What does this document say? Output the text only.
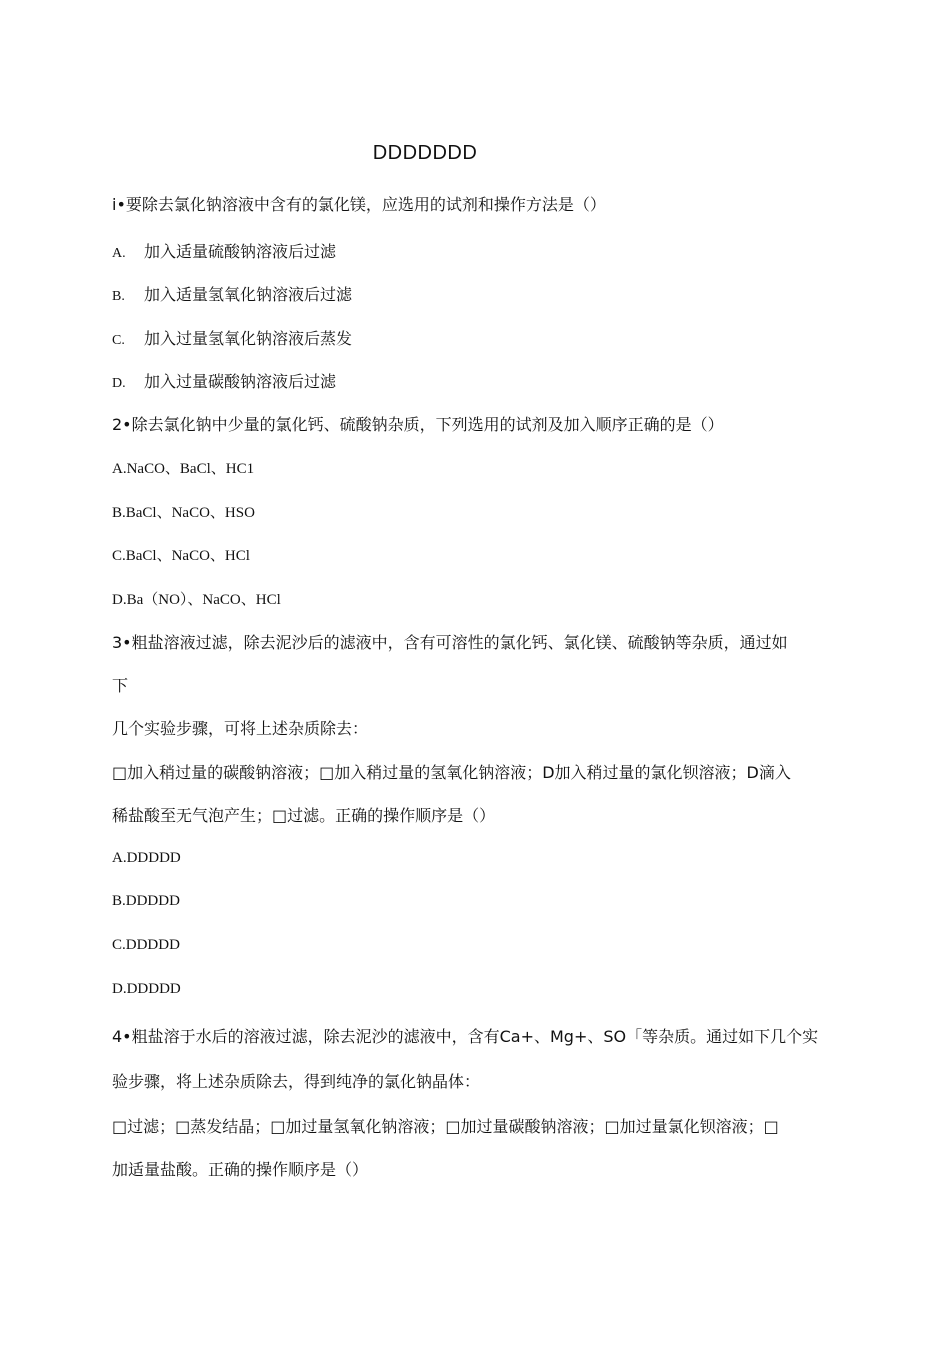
DDDDDDD
i•要除去氯化钠溶液中含有的氯化镁，应选用的试剂和操作方法是（）
A. 加入适量硫酸钠溶液后过滤
B. 加入适量氢氧化钠溶液后过滤
C. 加入过量氢氧化钠溶液后蒸发
D. 加入过量碳酸钠溶液后过滤
2•除去氯化钠中少量的氯化钙、硫酸钠杂质，下列选用的试剂及加入顺序正确的是（）
A.NaCO、BaCl、HC1
B.BaCl、NaCO、HSO
C.BaCl、NaCO、HCl
D.Ba（NO）、NaCO、HCl
3•粗盐溶液过滤，除去泥沙后的滤液中，含有可溶性的氯化钙、氯化镁、硫酸钠等杂质，通过如
下
几个实验步骤，可将上述杂质除去：
□加入稍过量的碳酸钠溶液；□加入稍过量的氢氧化钠溶液；D加入稍过量的氯化钡溶液；D滴入
稀盐酸至无气泡产生；□过滤。正确的操作顺序是（）
A.DDDDD
B.DDDDD
C.DDDDD
D.DDDDD
4•粗盐溶于水后的溶液过滤，除去泥沙的滤液中，含有Ca+、Mg+、SO「等杂质。通过如下几个实
验步骤，将上述杂质除去，得到纯净的氯化钠晶体：
□过滤；□蒸发结晶；□加过量氢氧化钠溶液；□加过量碳酸钠溶液；□加过量氯化钡溶液；□
加适量盐酸。正确的操作顺序是（）
